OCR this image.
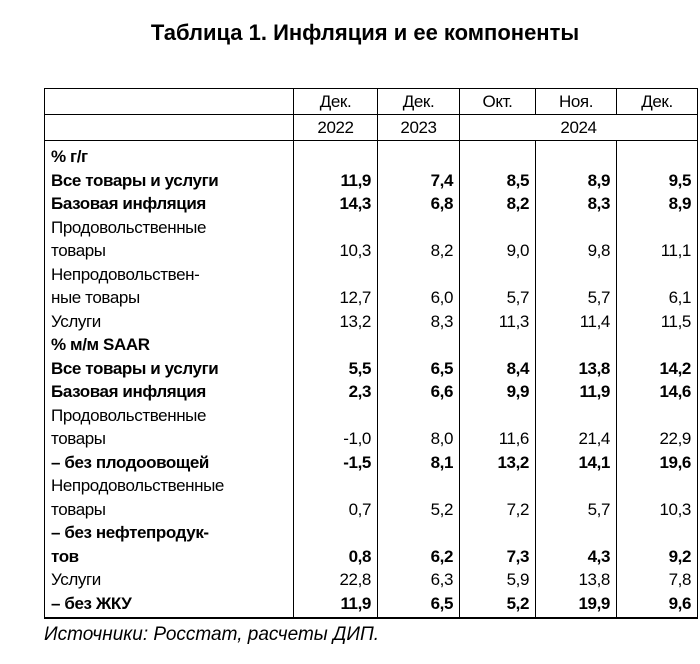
Таблица 1. Инфляция и ее компоненты
	Дек.	Дек.	Окт.	Ноя.	Дек.
	2022	2023	2024		
% г/г					
Все товары и услуги	11,9	7,4	8,5	8,9	9,5
Базовая инфляция	14,3	6,8	8,2	8,3	8,9
Продовольственные
товары	10,3	8,2	9,0	9,8	11,1
Непродовольствен-
ные товары	12,7	6,0	5,7	5,7	6,1
Услуги	13,2	8,3	11,3	11,4	11,5
% м/м SAAR					
Все товары и услуги	5,5	6,5	8,4	13,8	14,2
Базовая инфляция	2,3	6,6	9,9	11,9	14,6
Продовольственные
товары	-1,0	8,0	11,6	21,4	22,9
– без плодоовощей	-1,5	8,1	13,2	14,1	19,6
Непродовольственные
товары	0,7	5,2	7,2	5,7	10,3
– без нефтепродук-
тов	0,8	6,2	7,3	4,3	9,2
Услуги	22,8	6,3	5,9	13,8	7,8
– без ЖКУ	11,9	6,5	5,2	19,9	9,6
Источники: Росстат, расчеты ДИП.
